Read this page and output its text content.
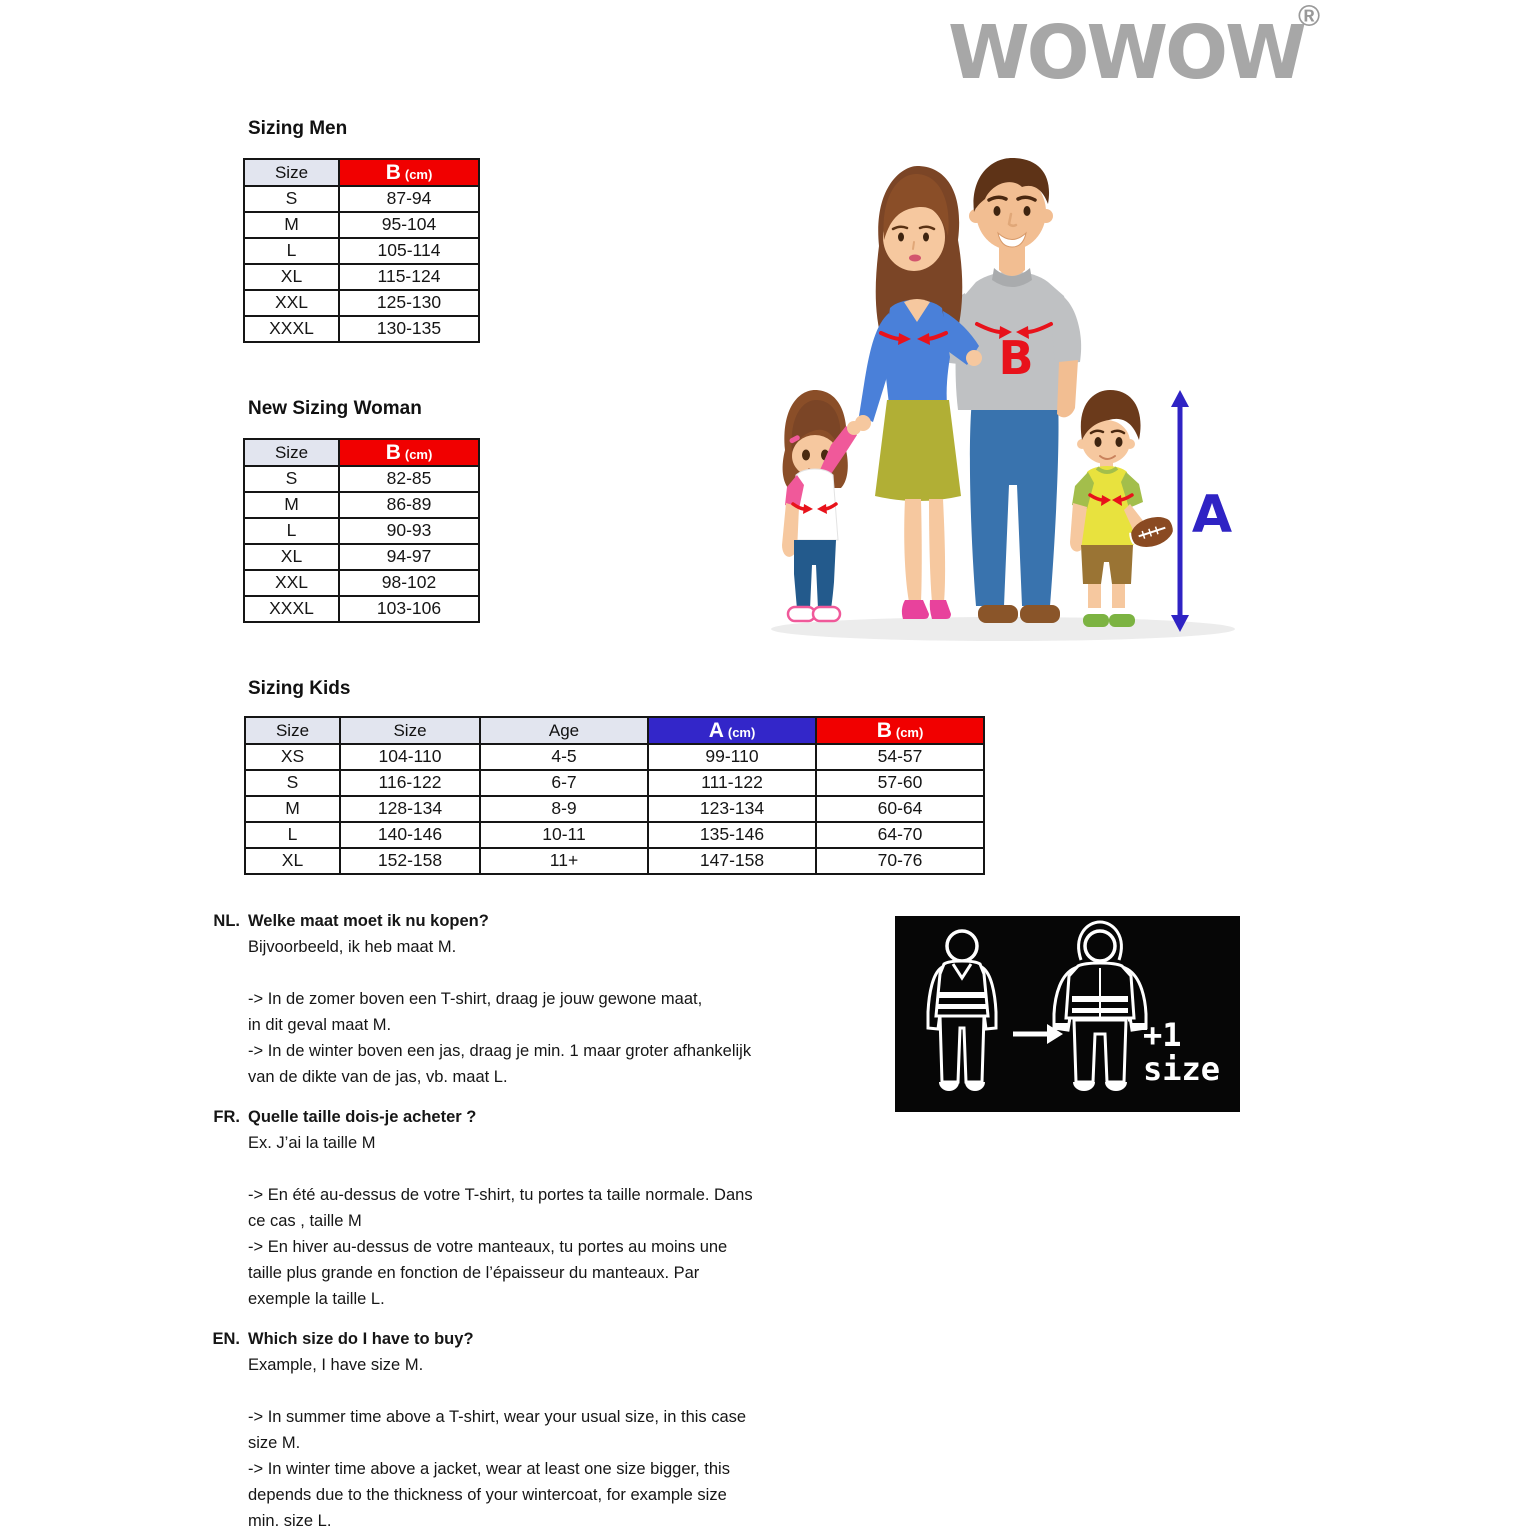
WOWOW
®
Sizing Men
Size	B (cm)
S	87-94
M	95-104
L	105-114
XL	115-124
XXL	125-130
XXXL	130-135
New Sizing Woman
Size	B (cm)
S	82-85
M	86-89
L	90-93
XL	94-97
XXL	98-102
XXXL	103-106
Sizing Kids
Size	Size	Age	A (cm)	B (cm)
XS	104-110	4-5	99-110	54-57
S	116-122	6-7	111-122	57-60
M	128-134	8-9	123-134	60-64
L	140-146	10-11	135-146	64-70
XL	152-158	11+	147-158	70-76
B
A
+1
size
NL. Welke maat moet ik nu kopen?
Bijvoorbeeld, ik heb maat M.
-> In de zomer boven een T-shirt, draag je jouw gewone maat,
in dit geval maat M.
-> In de winter boven een jas, draag je min. 1 maar groter afhankelijk
van de dikte van de jas, vb. maat L.
FR. Quelle taille dois-je acheter ?
Ex. J’ai la taille M
-> En été au-dessus de votre T-shirt, tu portes ta taille normale. Dans
ce cas , taille M
-> En hiver au-dessus de votre manteaux, tu portes au moins une
taille plus grande en fonction de l’épaisseur du manteaux. Par
exemple la taille L.
EN. Which size do I have to buy?
Example, I have size M.
-> In summer time above a T-shirt, wear your usual size, in this case
size M.
-> In winter time above a jacket, wear at least one size bigger, this
depends due to the thickness of your wintercoat, for example size
min. size L.
